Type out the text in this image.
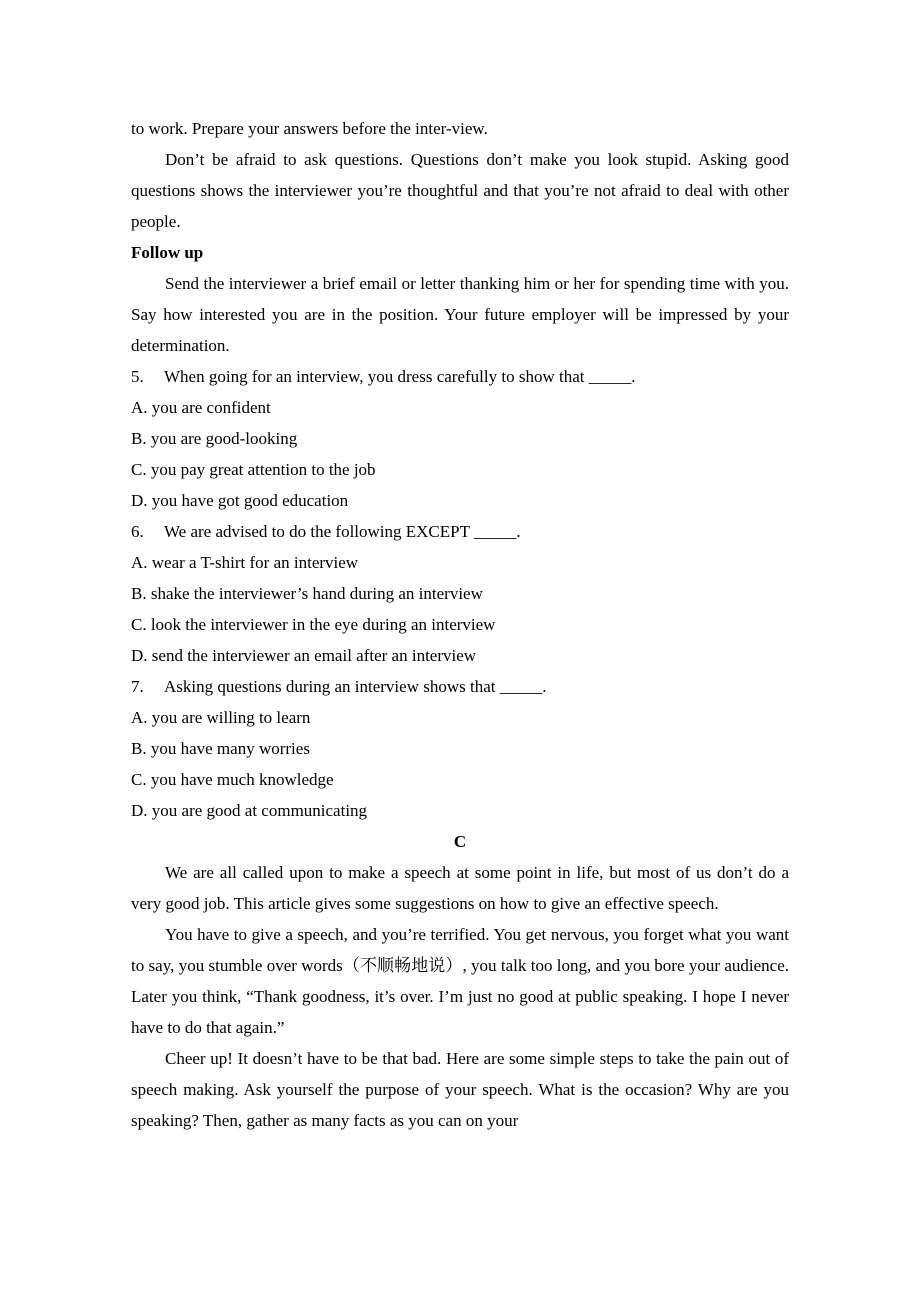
to work. Prepare your answers before the inter-view.

Don’t be afraid to ask questions. Questions don’t make you look stupid. Asking good questions shows the interviewer you’re thoughtful and that you’re not afraid to deal with other people.

Follow up

Send the interviewer a brief email or letter thanking him or her for spending time with you. Say how interested you are in the position. Your future employer will be impressed by your determination.

5.	When going for an interview, you dress carefully to show that _____.

A. you are confident

B. you are good-looking

C. you pay great attention to the job

D. you have got good education

6.	We are advised to do the following EXCEPT _____.

A. wear a T-shirt for an interview

B. shake the interviewer’s hand during an interview

C. look the interviewer in the eye during an interview

D. send the interviewer an email after an interview

7.	Asking questions during an interview shows that _____.

A. you are willing to learn

B. you have many worries

C. you have much knowledge

D. you are good at communicating

C

We are all called upon to make a speech at some point in life, but most of us don’t do a very good job. This article gives some suggestions on how to give an effective speech.

You have to give a speech, and you’re terrified. You get nervous, you forget what you want to say, you stumble over words（不顺畅地说）, you talk too long, and you bore your audience. Later you think, “Thank goodness, it’s over. I’m just no good at public speaking. I hope I never have to do that again.”

Cheer up! It doesn’t have to be that bad. Here are some simple steps to take the pain out of speech making. Ask yourself the purpose of your speech. What is the occasion? Why are you speaking? Then, gather as many facts as you can on your
